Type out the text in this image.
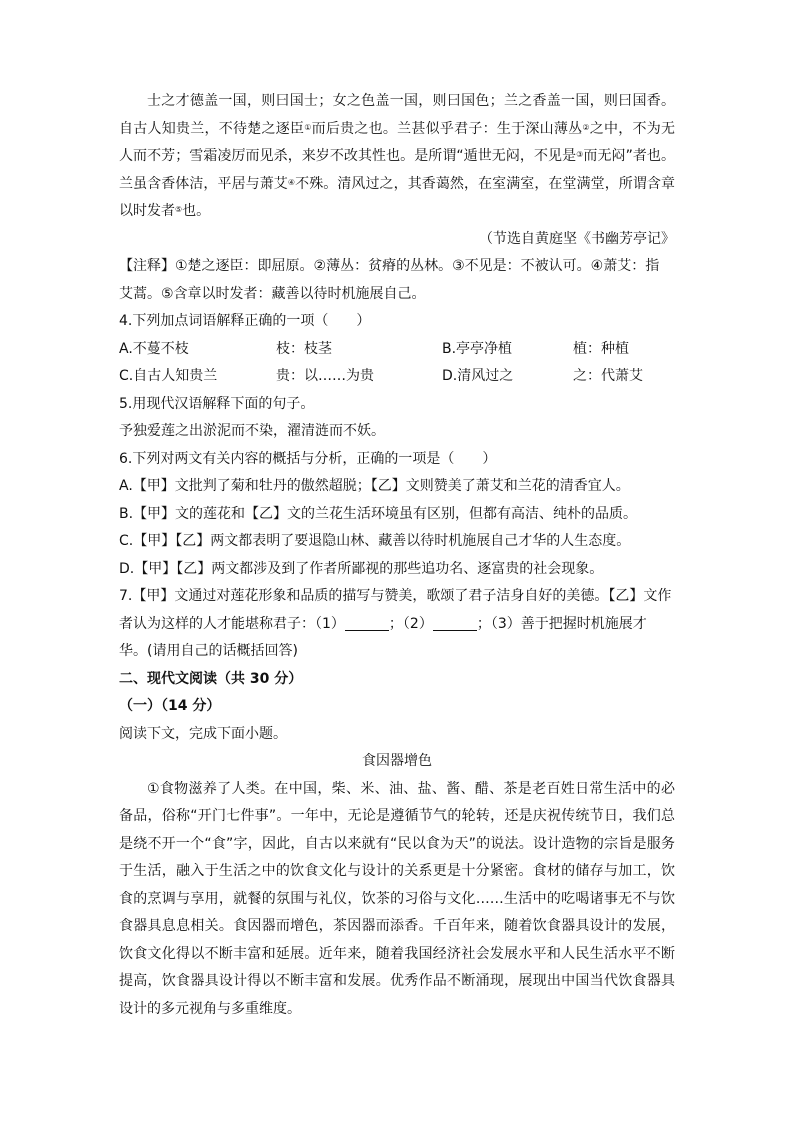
士之才德盖一国，则曰国士；女之色盖一国，则曰国色；兰之香盖一国，则曰国香。自古人知贵兰，不待楚之逐臣①而后贵之也。兰甚似乎君子：生于深山薄丛②之中，不为无人而不芳；雪霜凌厉而见杀，来岁不改其性也。是所谓“遁世无闷，不见是③而无闷”者也。兰虽含香体洁，平居与萧艾④不殊。清风过之，其香蔼然，在室满室，在堂满堂，所谓含章以时发者⑤也。

（节选自黄庭坚《书幽芳亭记》
【注释】①楚之逐臣：即屈原。②薄丛：贫瘠的丛林。③不见是：不被认可。④萧艾：指
艾蒿。⑤含章以时发者：藏善以待时机施展自己。
4.下列加点词语解释正确的一项（　　）
A.不蔓不枝	枝：枝茎	B.亭亭净植	植：种植
C.自古人知贵兰	贵：以……为贵	D.清风过之	之：代萧艾
5.用现代汉语解释下面的句子。
予独爱莲之出淤泥而不染，濯清涟而不妖。
6.下列对两文有关内容的概括与分析，正确的一项是（　　）
A.【甲】文批判了菊和牡丹的傲然超脱；【乙】文则赞美了萧艾和兰花的清香宜人。
B.【甲】文的莲花和【乙】文的兰花生活环境虽有区别，但都有高洁、纯朴的品质。
C.【甲】【乙】两文都表明了要退隐山林、藏善以待时机施展自己才华的人生态度。
D.【甲】【乙】两文都涉及到了作者所鄙视的那些追功名、逐富贵的社会现象。
7.【甲】文通过对莲花形象和品质的描写与赞美，歌颂了君子洁身自好的美德。【乙】文作
者认为这样的人才能堪称君子：（1）	；（2）	；（3）善于把握时机施展才
华。(请用自己的话概括回答)
二、现代文阅读（共 30 分）
（一）（14 分）
阅读下文，完成下面小题。
食因器增色

①食物滋养了人类。在中国，柴、米、油、盐、酱、醋、茶是老百姓日常生活中的必备品，俗称“开门七件事”。一年中，无论是遵循节气的轮转，还是庆祝传统节日，我们总是绕不开一个“食”字，因此，自古以来就有“民以食为天”的说法。设计造物的宗旨是服务于生活，融入于生活之中的饮食文化与设计的关系更是十分紧密。食材的储存与加工，饮食的烹调与享用，就餐的氛围与礼仪，饮茶的习俗与文化……生活中的吃喝诸事无不与饮食器具息息相关。食因器而增色，茶因器而添香。千百年来，随着饮食器具设计的发展，饮食文化得以不断丰富和延展。近年来，随着我国经济社会发展水平和人民生活水平不断提高，饮食器具设计得以不断丰富和发展。优秀作品不断涌现，展现出中国当代饮食器具设计的多元视角与多重维度。
